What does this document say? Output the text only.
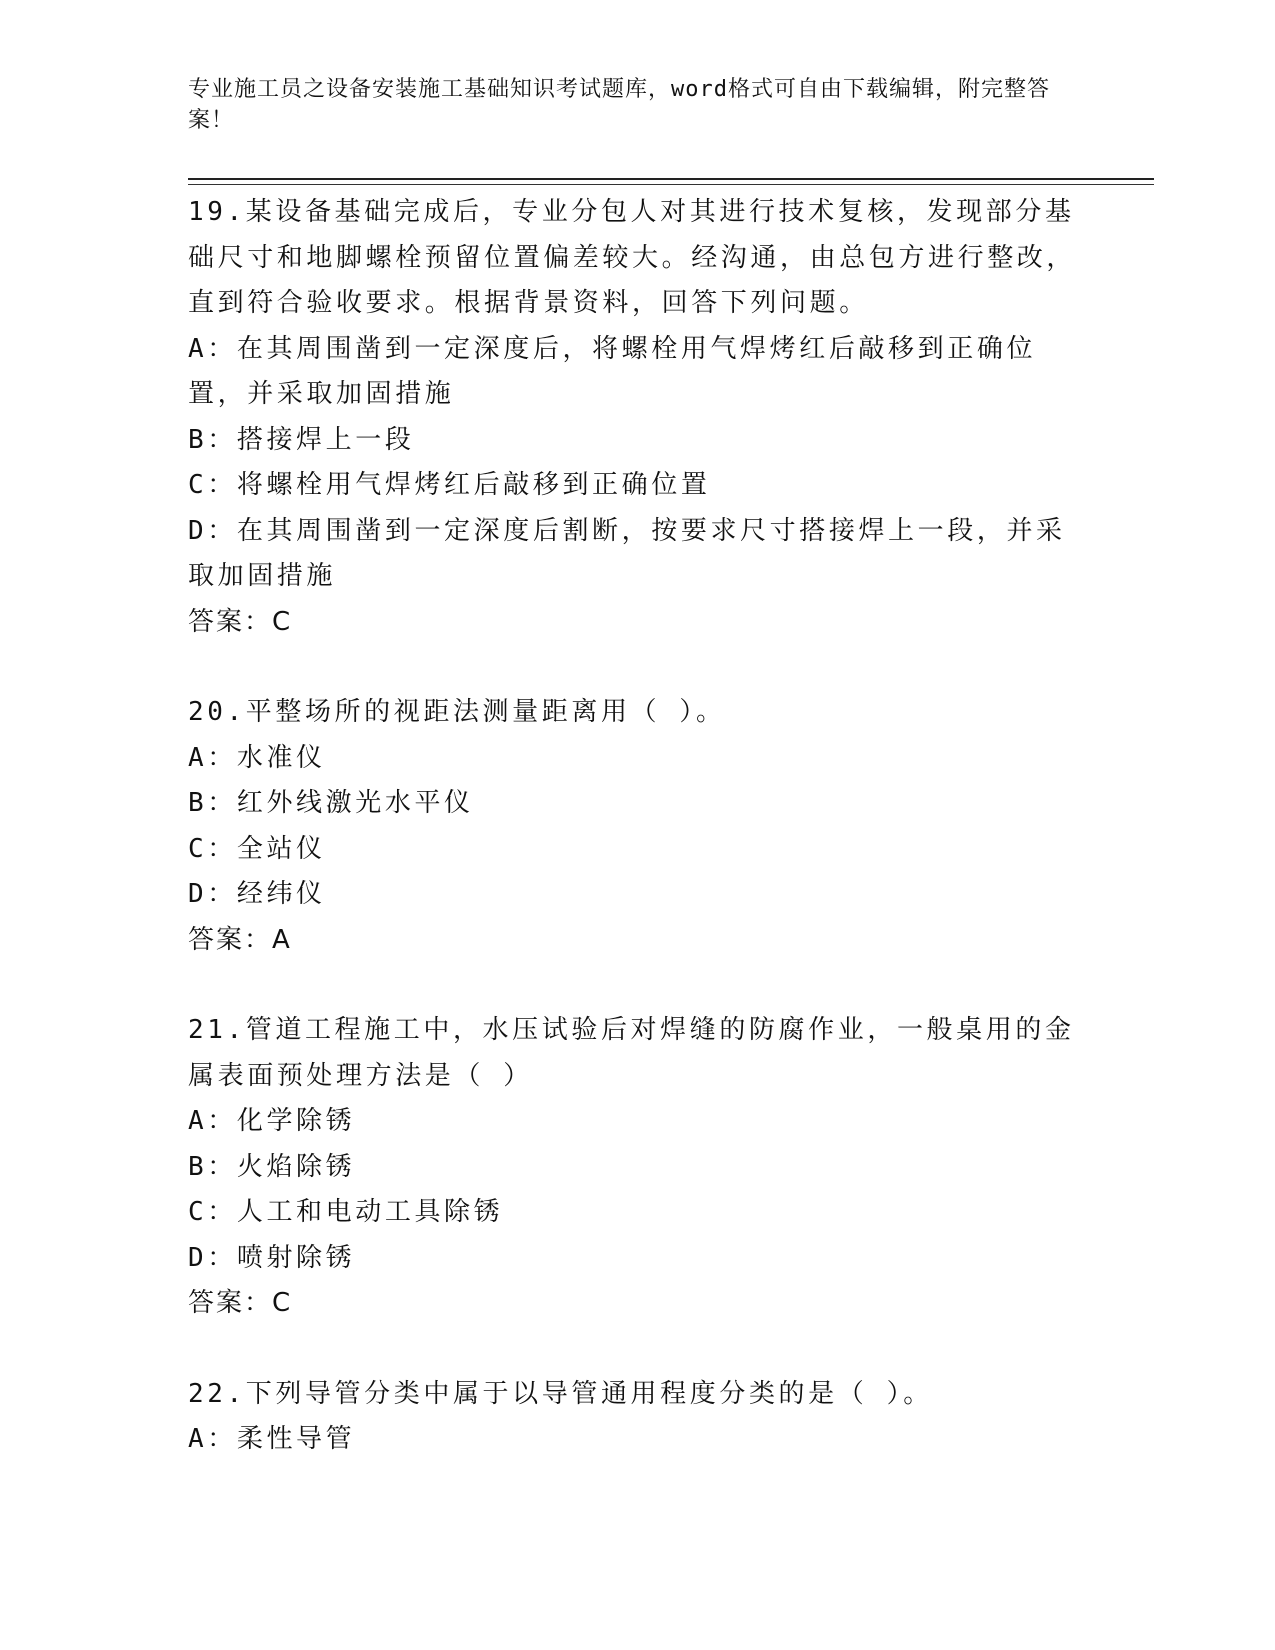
专业施工员之设备安装施工基础知识考试题库，word格式可自由下载编辑，附完整答案！

19.某设备基础完成后，专业分包人对其进行技术复核，发现部分基础尺寸和地脚螺栓预留位置偏差较大。经沟通，由总包方进行整改，直到符合验收要求。根据背景资料，回答下列问题。

A：在其周围凿到一定深度后，将螺栓用气焊烤红后敲移到正确位置，并采取加固措施

B：搭接焊上一段

C：将螺栓用气焊烤红后敲移到正确位置

D：在其周围凿到一定深度后割断，按要求尺寸搭接焊上一段，并采取加固措施

答案：C

20.平整场所的视距法测量距离用（ ）。

A：水准仪

B：红外线激光水平仪

C：全站仪

D：经纬仪

答案：A

21.管道工程施工中，水压试验后对焊缝的防腐作业，一般桌用的金属表面预处理方法是（ ）

A：化学除锈

B：火焰除锈

C：人工和电动工具除锈

D：喷射除锈

答案：C

22.下列导管分类中属于以导管通用程度分类的是（ ）。

A：柔性导管
